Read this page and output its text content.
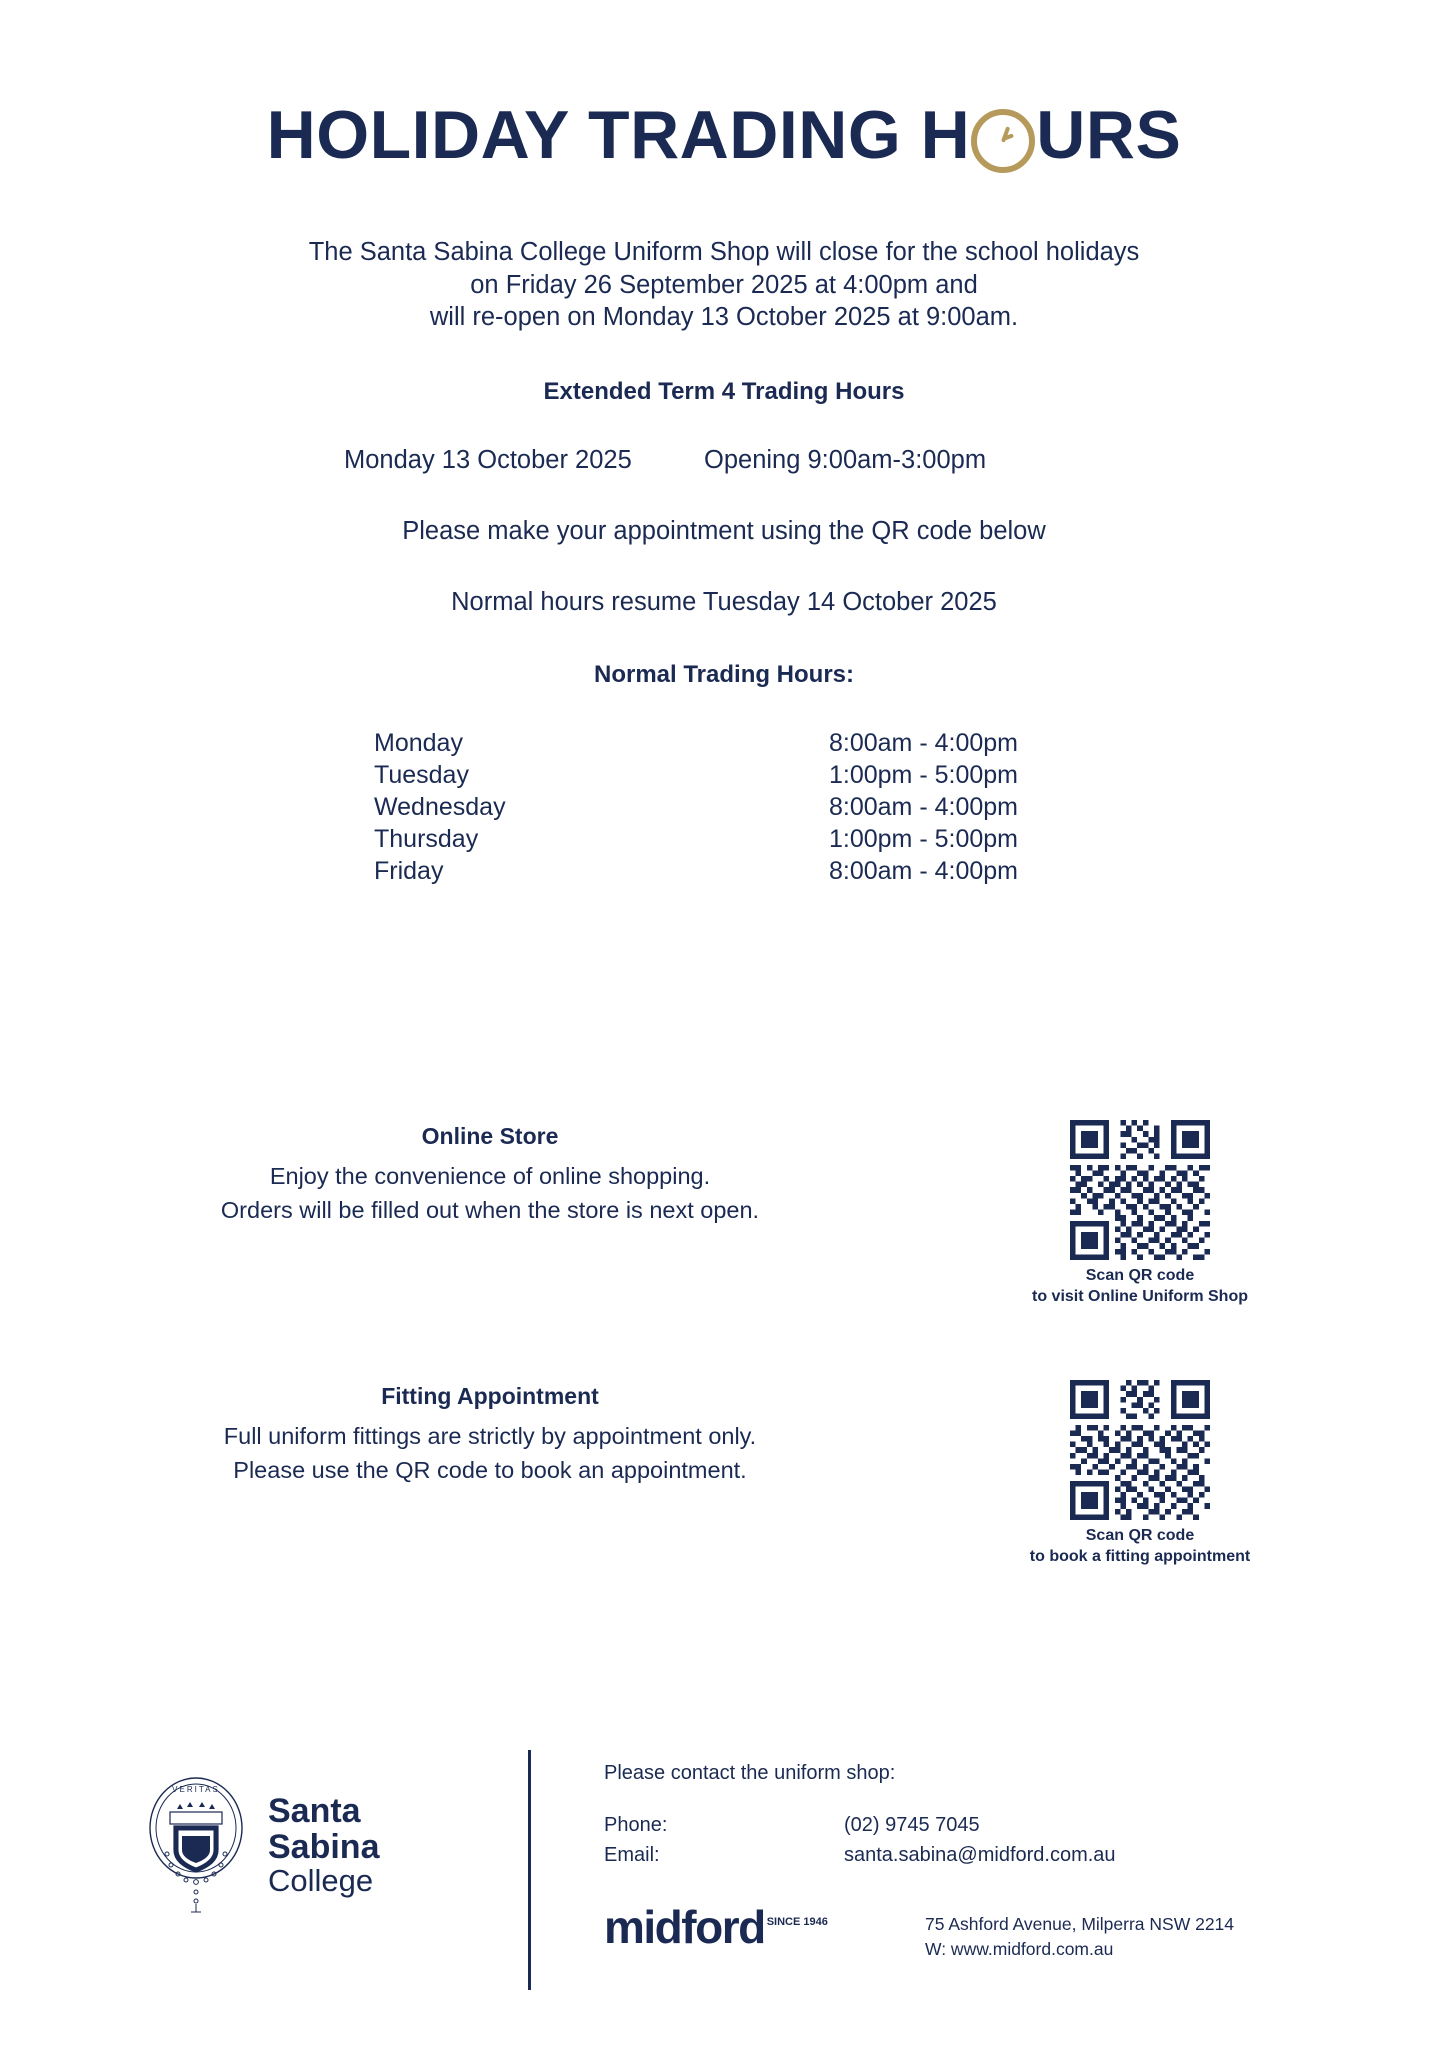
HOLIDAY TRADING H URS
The Santa Sabina College Uniform Shop will close for the school holidays
on Friday 26 September 2025 at 4:00pm and
will re-open on Monday 13 October 2025 at 9:00am.
Extended Term 4 Trading Hours
Monday 13 October 2025	Opening 9:00am-3:00pm
Please make your appointment using the QR code below
Normal hours resume Tuesday 14 October 2025
Normal Trading Hours:
Monday	8:00am - 4:00pm
Tuesday	1:00pm - 5:00pm
Wednesday	8:00am - 4:00pm
Thursday	1:00pm - 5:00pm
Friday	8:00am - 4:00pm
Online Store
Enjoy the convenience of online shopping.
Orders will be filled out when the store is next open.
Scan QR code
to visit Online Uniform Shop
Fitting Appointment
Full uniform fittings are strictly by appointment only.
Please use the QR code to book an appointment.
Scan QR code
to book a fitting appointment
VERITAS
Santa
Sabina
College
Please contact the uniform shop:
Phone:	(02) 9745 7045
Email:	santa.sabina@midford.com.au
midford $^{SINCE 1946}$	75 Ashford Avenue, Milperra NSW 2214
W: www.midford.com.au
